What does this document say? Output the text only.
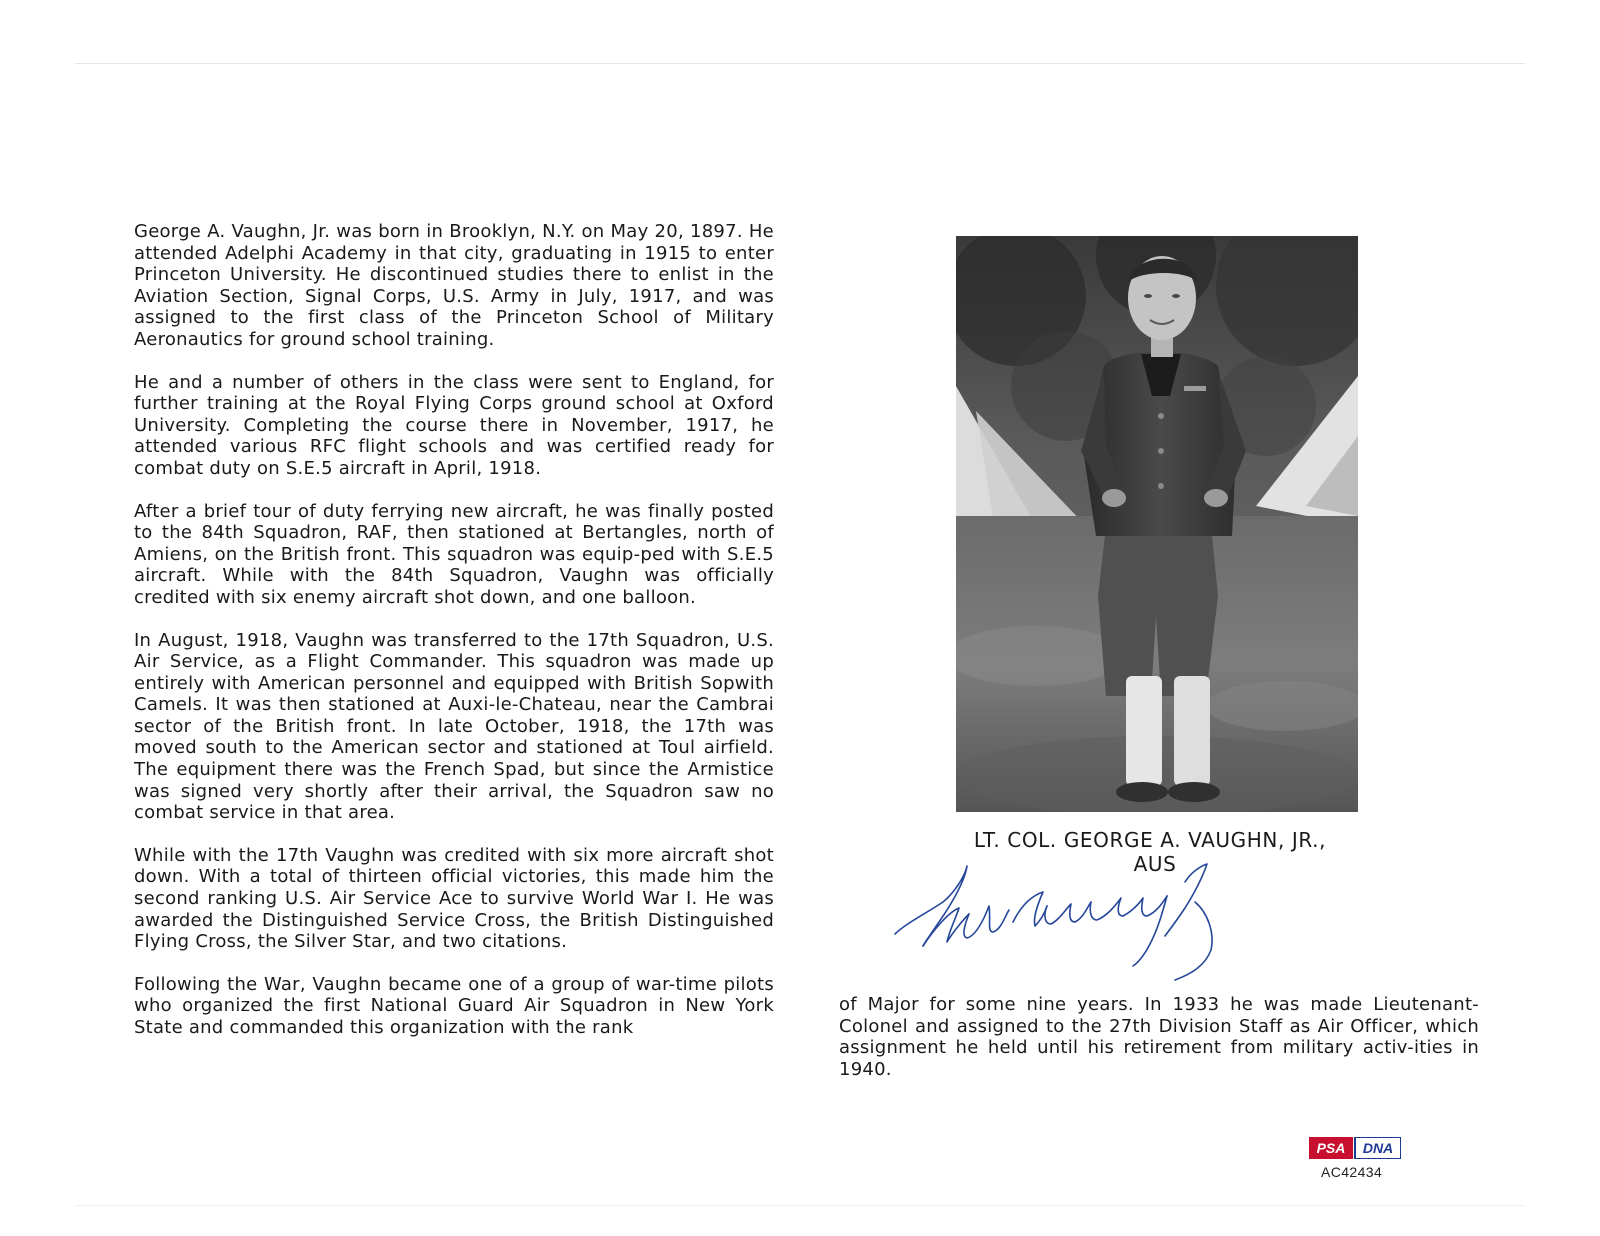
George A. Vaughn, Jr. was born in Brooklyn, N.Y. on May 20, 1897. He attended Adelphi Academy in that city, graduating in 1915 to enter Princeton University. He discontinued studies there to enlist in the Aviation Section, Signal Corps, U.S. Army in July, 1917, and was assigned to the first class of the Princeton School of Military Aeronautics for ground school training.

He and a number of others in the class were sent to England, for further training at the Royal Flying Corps ground school at Oxford University. Completing the course there in November, 1917, he attended various RFC flight schools and was certified ready for combat duty on S.E.5 aircraft in April, 1918.

After a brief tour of duty ferrying new aircraft, he was finally posted to the 84th Squadron, RAF, then stationed at Bertangles, north of Amiens, on the British front. This squadron was equip-ped with S.E.5 aircraft. While with the 84th Squadron, Vaughn was officially credited with six enemy aircraft shot down, and one balloon.

In August, 1918, Vaughn was transferred to the 17th Squadron, U.S. Air Service, as a Flight Commander. This squadron was made up entirely with American personnel and equipped with British Sopwith Camels. It was then stationed at Auxi-le-Chateau, near the Cambrai sector of the British front. In late October, 1918, the 17th was moved south to the American sector and stationed at Toul airfield. The equipment there was the French Spad, but since the Armistice was signed very shortly after their arrival, the Squadron saw no combat service in that area.

While with the 17th Vaughn was credited with six more aircraft shot down. With a total of thirteen official victories, this made him the second ranking U.S. Air Service Ace to survive World War I. He was awarded the Distinguished Service Cross, the British Distinguished Flying Cross, the Silver Star, and two citations.

Following the War, Vaughn became one of a group of war-time pilots who organized the first National Guard Air Squadron in New York State and commanded this organization with the rank

LT. COL. GEORGE A. VAUGHN, JR.,
AUS

of Major for some nine years. In 1933 he was made Lieutenant-Colonel and assigned to the 27th Division Staff as Air Officer, which assignment he held until his retirement from military activ-ities in 1940.

PSA DNA
AC42434
